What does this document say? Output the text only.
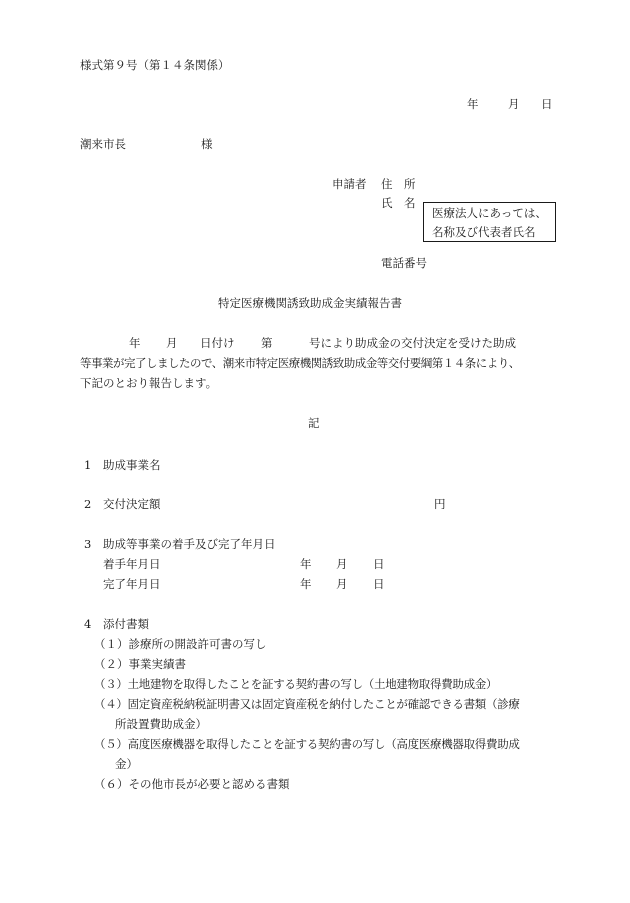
様式第９号（第１４条関係）
年	月 日
潮来市長	様
申請者 住　所
氏　名
医療法人にあっては、
名称及び代表者氏名
電話番号
特定医療機関誘致助成金実績報告書
年 月 日付け 第	号により助成金の交付決定を受けた助成
等事業が完了しましたので、潮来市特定医療機関誘致助成金等交付要綱第１４条により、
下記のとおり報告します。
記
1 助成事業名
2 交付決定額	円
3 助成等事業の着手及び完了年月日
着手年月日	年 月 日
完了年月日	年 月 日
4 添付書類
（１）診療所の開設許可書の写し
（２）事業実績書
（３）土地建物を取得したことを証する契約書の写し（土地建物取得費助成金）
（４）固定資産税納税証明書又は固定資産税を納付したことが確認できる書類（診療
所設置費助成金）
（５）高度医療機器を取得したことを証する契約書の写し（高度医療機器取得費助成
金）
（６）その他市長が必要と認める書類
